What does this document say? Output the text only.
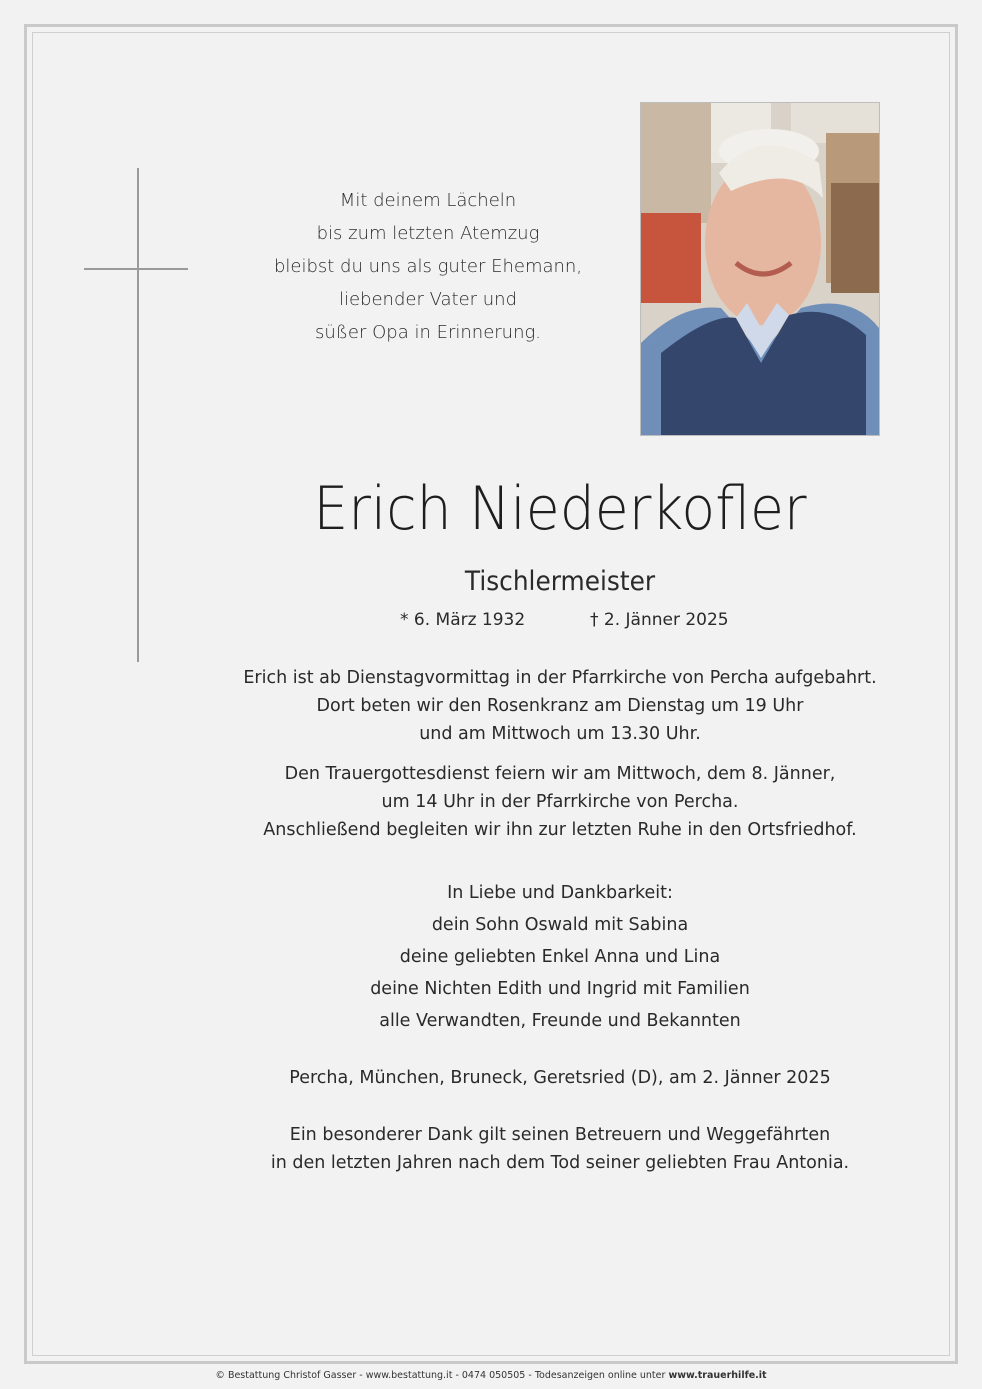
Mit deinem Lächeln
bis zum letzten Atemzug
bleibst du uns als guter Ehemann,
liebender Vater und
süßer Opa in Erinnerung.
Erich Niederkofler
Tischlermeister
* 6. März 1932	† 2. Jänner 2025
Erich ist ab Dienstagvormittag in der Pfarrkirche von Percha aufgebahrt.
Dort beten wir den Rosenkranz am Dienstag um 19 Uhr
und am Mittwoch um 13.30 Uhr.
Den Trauergottesdienst feiern wir am Mittwoch, dem 8. Jänner,
um 14 Uhr in der Pfarrkirche von Percha.
Anschließend begleiten wir ihn zur letzten Ruhe in den Ortsfriedhof.
In Liebe und Dankbarkeit:
dein Sohn Oswald mit Sabina
deine geliebten Enkel Anna und Lina
deine Nichten Edith und Ingrid mit Familien
alle Verwandten, Freunde und Bekannten
Percha, München, Bruneck, Geretsried (D), am 2. Jänner 2025
Ein besonderer Dank gilt seinen Betreuern und Weggefährten
in den letzten Jahren nach dem Tod seiner geliebten Frau Antonia.
© Bestattung Christof Gasser - www.bestattung.it - 0474 050505 - Todesanzeigen online unter www.trauerhilfe.it
